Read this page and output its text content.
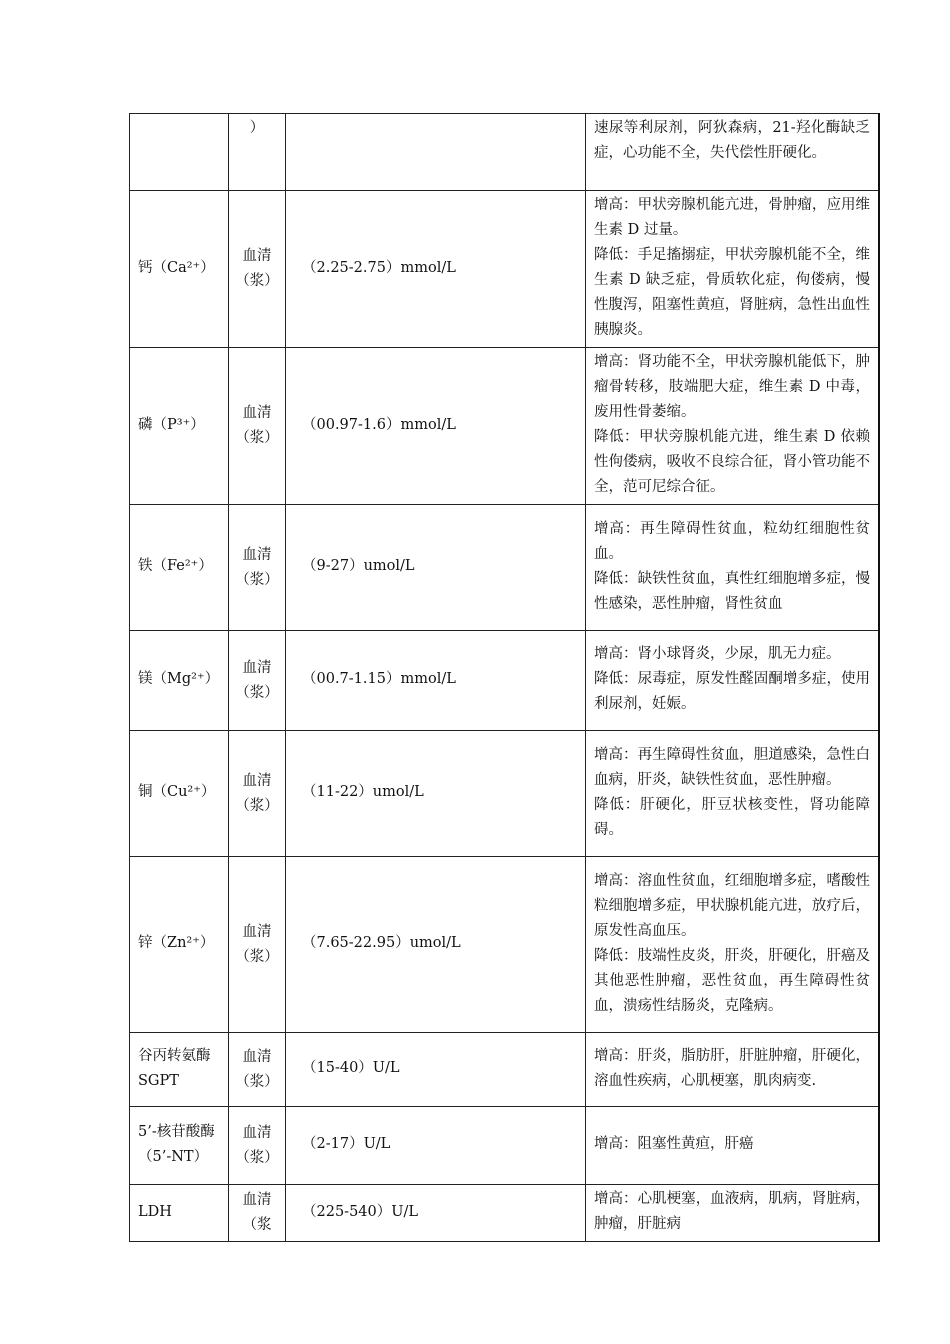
	）		速尿等利尿剂，阿狄森病，21-羟化酶缺乏症，心功能不全，失代偿性肝硬化。

钙（Ca²⁺）	血清（浆）	（2.25-2.75）mmol/L	增高：甲状旁腺机能亢进，骨肿瘤，应用维生素 D 过量。
降低：手足搐搦症，甲状旁腺机能不全，维生素 D 缺乏症，骨质软化症，佝偻病，慢性腹泻，阻塞性黄疸，肾脏病，急性出血性胰腺炎。

磷（P³⁺）	血清（浆）	（00.97-1.6）mmol/L	增高：肾功能不全，甲状旁腺机能低下，肿瘤骨转移，肢端肥大症，维生素 D 中毒，废用性骨萎缩。
降低：甲状旁腺机能亢进，维生素 D 依赖性佝偻病，吸收不良综合征，肾小管功能不全，范可尼综合征。

铁（Fe²⁺）	血清（浆）	（9-27）umol/L	增高：再生障碍性贫血，粒幼红细胞性贫血。
降低：缺铁性贫血，真性红细胞增多症，慢性感染，恶性肿瘤，肾性贫血

镁（Mg²⁺）	血清（浆）	（00.7-1.15）mmol/L	增高：肾小球肾炎，少尿，肌无力症。
降低：尿毒症，原发性醛固酮增多症，使用利尿剂，妊娠。

铜（Cu²⁺）	血清（浆）	（11-22）umol/L	增高：再生障碍性贫血，胆道感染，急性白血病，肝炎，缺铁性贫血，恶性肿瘤。
降低：肝硬化，肝豆状核变性，肾功能障碍。

锌（Zn²⁺）	血清（浆）	（7.65-22.95）umol/L	增高：溶血性贫血，红细胞增多症，嗜酸性粒细胞增多症，甲状腺机能亢进，放疗后，原发性高血压。
降低：肢端性皮炎，肝炎，肝硬化，肝癌及其他恶性肿瘤，恶性贫血，再生障碍性贫血，溃疡性结肠炎，克隆病。

谷丙转氨酶 SGPT	血清（浆）	（15-40）U/L	增高：肝炎，脂肪肝，肝脏肿瘤，肝硬化，溶血性疾病，心肌梗塞，肌肉病变.

5’-核苷酸酶（5’-NT）	血清（浆）	（2-17）U/L	增高：阻塞性黄疸，肝癌

LDH	血清（浆	（225-540）U/L	增高：心肌梗塞，血液病，肌病，肾脏病，肿瘤，肝脏病
